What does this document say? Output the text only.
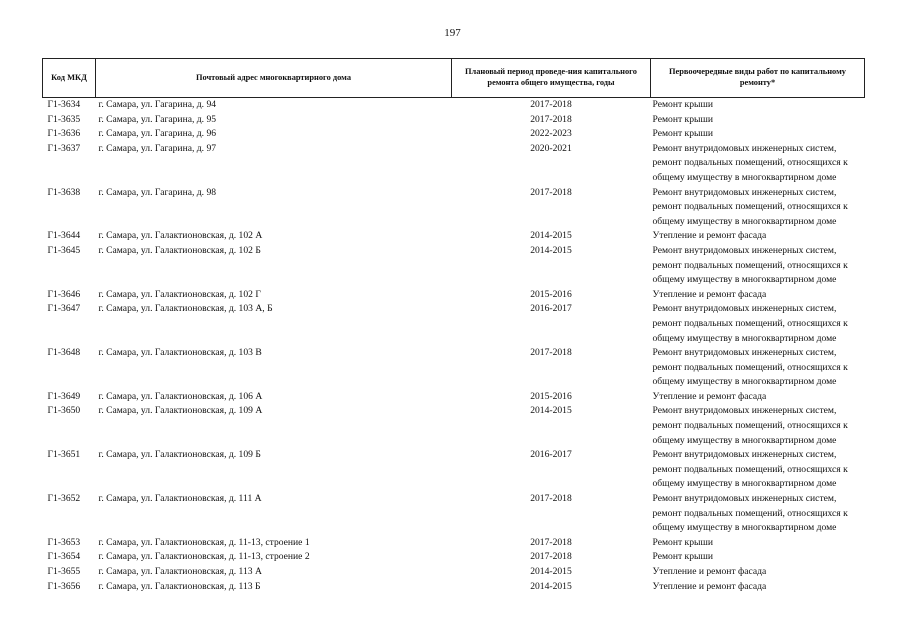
197
Код МКД	Почтовый адрес многоквартирного дома	Плановый период проведе-ния капитального ремонта общего имущества, годы	Первоочередные виды работ по капитальному ремонту*
Г1-3634	г. Самара, ул. Гагарина, д. 94	2017-2018	Ремонт крыши

Г1-3635	г. Самара, ул. Гагарина, д. 95	2017-2018	Ремонт крыши

Г1-3636	г. Самара, ул. Гагарина, д. 96	2022-2023	Ремонт крыши

Г1-3637	г. Самара, ул. Гагарина, д. 97	2020-2021	Ремонт внутридомовых инженерных систем,
ремонт подвальных помещений, относящихся к
общему имуществу в многоквартирном доме

Г1-3638	г. Самара, ул. Гагарина, д. 98	2017-2018	Ремонт внутридомовых инженерных систем,
ремонт подвальных помещений, относящихся к
общему имуществу в многоквартирном доме

Г1-3644	г. Самара, ул. Галактионовская, д. 102 А	2014-2015	Утепление и ремонт фасада

Г1-3645	г. Самара, ул. Галактионовская, д. 102 Б	2014-2015	Ремонт внутридомовых инженерных систем,
ремонт подвальных помещений, относящихся к
общему имуществу в многоквартирном доме

Г1-3646	г. Самара, ул. Галактионовская, д. 102 Г	2015-2016	Утепление и ремонт фасада

Г1-3647	г. Самара, ул. Галактионовская, д. 103 А, Б	2016-2017	Ремонт внутридомовых инженерных систем,
ремонт подвальных помещений, относящихся к
общему имуществу в многоквартирном доме

Г1-3648	г. Самара, ул. Галактионовская, д. 103 В	2017-2018	Ремонт внутридомовых инженерных систем,
ремонт подвальных помещений, относящихся к
общему имуществу в многоквартирном доме

Г1-3649	г. Самара, ул. Галактионовская, д. 106 А	2015-2016	Утепление и ремонт фасада

Г1-3650	г. Самара, ул. Галактионовская, д. 109 А	2014-2015	Ремонт внутридомовых инженерных систем,
ремонт подвальных помещений, относящихся к
общему имуществу в многоквартирном доме

Г1-3651	г. Самара, ул. Галактионовская, д. 109 Б	2016-2017	Ремонт внутридомовых инженерных систем,
ремонт подвальных помещений, относящихся к
общему имуществу в многоквартирном доме

Г1-3652	г. Самара, ул. Галактионовская, д. 111 А	2017-2018	Ремонт внутридомовых инженерных систем,
ремонт подвальных помещений, относящихся к
общему имуществу в многоквартирном доме

Г1-3653	г. Самара, ул. Галактионовская, д. 11-13, строение 1	2017-2018	Ремонт крыши

Г1-3654	г. Самара, ул. Галактионовская, д. 11-13, строение 2	2017-2018	Ремонт крыши

Г1-3655	г. Самара, ул. Галактионовская, д. 113 А	2014-2015	Утепление и ремонт фасада

Г1-3656	г. Самара, ул. Галактионовская, д. 113 Б	2014-2015	Утепление и ремонт фасада
